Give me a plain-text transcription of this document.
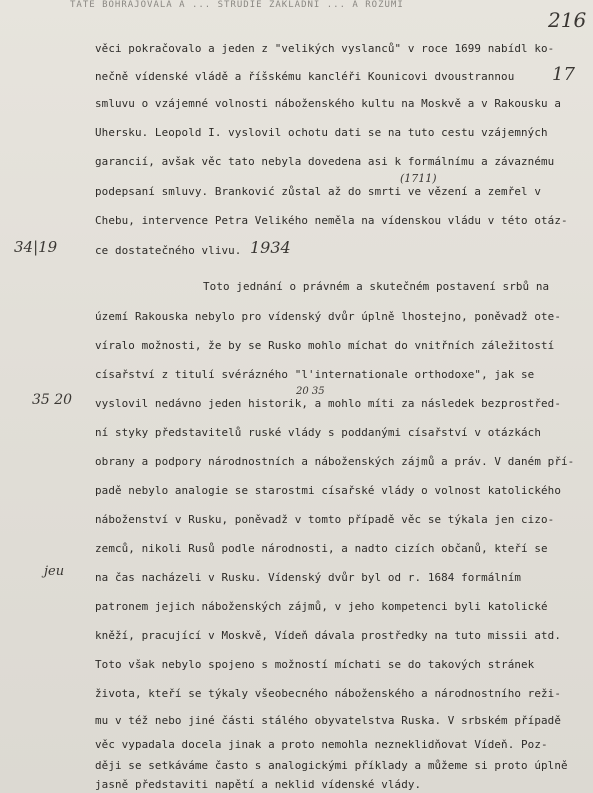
TATE BOHRAJOVALA A ... STRUDIE ZAKLADNI ... A ROZUMI
věci pokračovalo a jeden z "velikých vyslanců" v roce 1699 nabídl ko-
nečně vídenské vládě a říšskému kancléři Kounicovi dvoustrannou
smluvu o vzájemné volnosti náboženského kultu na Moskvě a v Rakousku a
Uhersku. Leopold I. vyslovil ochotu dati se na tuto cestu vzájemných
garancií, avšak věc tato nebyla dovedena asi k formálnímu a závaznému
podepsaní smluvy. Branković zůstal až do smrti ve vězení a zemřel v
Chebu, intervence Petra Velikého neměla na vídenskou vládu v této otáz-
ce dostatečného vlivu.
Toto jednání o právném a skutečném postavení srbů na
území Rakouska nebylo pro vídenský dvůr úplně lhostejno, poněvadž ote-
víralo možnosti, že by se Rusko mohlo míchat do vnitřních záležitostí
císařství z titulí svérázného "l'internationale orthodoxe", jak se
vyslovil nedávno jeden historik, a mohlo míti za následek bezprostřed-
ní styky představitelů ruské vlády s poddanými císařství v otázkách
obrany a podpory národnostních a náboženských zájmů a práv. V daném pří-
padě nebylo analogie se starostmi císařské vlády o volnost katolického
náboženství v Rusku, poněvadž v tomto případě věc se týkala jen cizo-
zemců, nikoli Rusů podle národnosti, a nadto cizích občanů, kteří se
na čas nacházeli v Rusku. Vídenský dvůr byl od r. 1684 formálním
patronem jejich náboženských zájmů, v jeho kompetenci byli katolické
kněží, pracující v Moskvě, Vídeň dávala prostředky na tuto missii atd.
Toto však nebylo spojeno s možností míchati se do takových stránek
života, kteří se týkaly všeobecného náboženského a národnostního reži-
mu v též nebo jiné části stálého obyvatelstva Ruska. V srbském případě
věc vypadala docela jinak a proto nemohla nezneklidňovat Vídeň. Poz-
ději se setkáváme často s analogickými příklady a můžeme si proto úplně
jasně představiti napětí a neklid vídenské vlády.
216
17
(1711)
1934
34|19
35 20
20 35
jeu
